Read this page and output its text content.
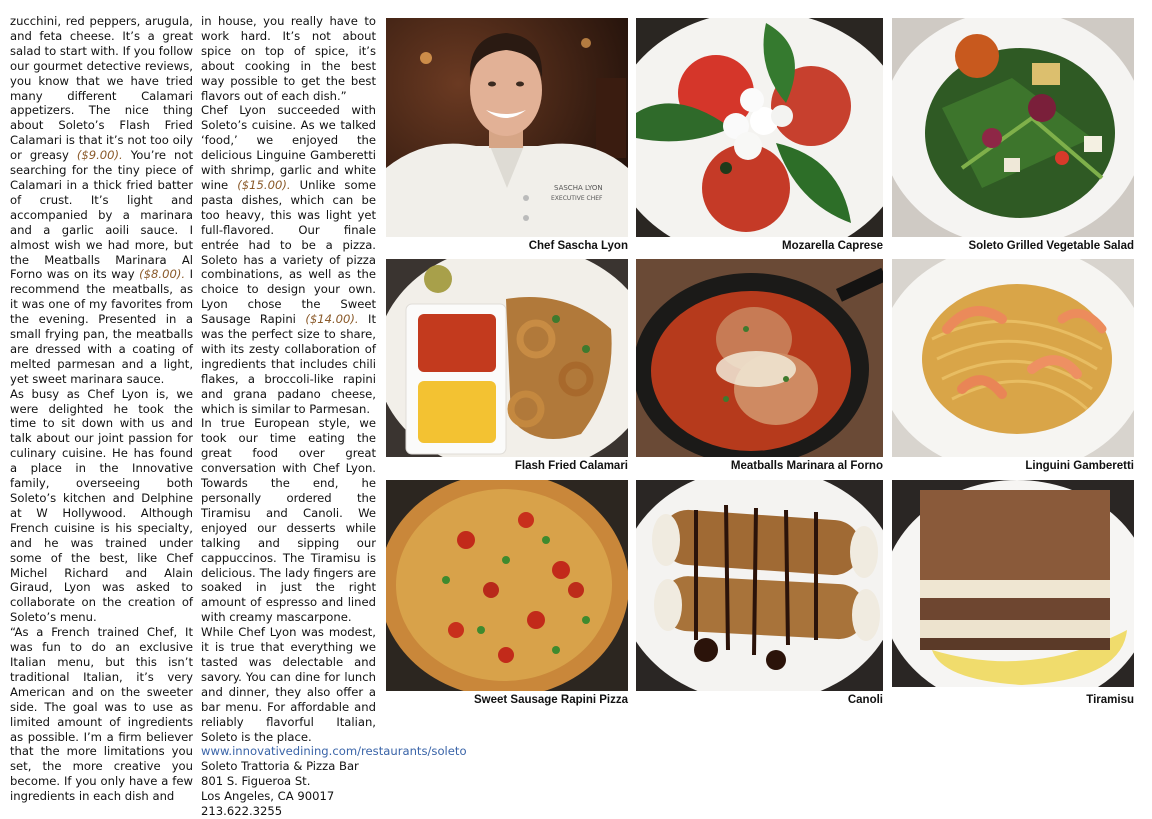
zucchini, red peppers, arugula, and feta cheese. It’s a great salad to start with. If you follow our gourmet detective reviews, you know that we have tried many different Calamari appetizers. The nice thing about Soleto’s Flash Fried Calamari is that it’s not too oily or greasy ($9.00). You’re not searching for the tiny piece of Calamari in a thick fried batter of crust. It’s light and accompanied by a marinara and a garlic aoili sauce. I almost wish we had more, but the Meatballs Marinara Al Forno was on its way ($8.00). I recommend the meatballs, as it was one of my favorites from the evening. Presented in a small frying pan, the meatballs are dressed with a coating of melted parmesan and a light, yet sweet marinara sauce.

As busy as Chef Lyon is, we were delighted he took the time to sit down with us and talk about our joint passion for culinary cuisine. He has found a place in the Innovative family, overseeing both Soleto’s kitchen and Delphine at W Hollywood. Although French cuisine is his specialty, and he was trained under some of the best, like Chef Michel Richard and Alain Giraud, Lyon was asked to collaborate on the creation of Soleto’s menu.

“As a French trained Chef, It was fun to do an exclusive Italian menu, but this isn’t traditional Italian, it’s very American and on the sweeter side. The goal was to use as limited amount of ingredients as possible. I’m a firm believer that the more limitations you set, the more creative you become. If you only have a few ingredients in each dish and

in house, you really have to work hard. It’s not about spice on top of spice, it’s about cooking in the best way possible to get the best flavors out of each dish.”

Chef Lyon succeeded with Soleto’s cuisine. As we talked ‘food,’ we enjoyed the delicious Linguine Gamberetti with shrimp, garlic and white wine ($15.00). Unlike some pasta dishes, which can be too heavy, this was light yet full-flavored. Our finale entrée had to be a pizza. Soleto has a variety of pizza combinations, as well as the choice to design your own. Lyon chose the Sweet Sausage Rapini ($14.00). It was the perfect size to share, with its zesty collaboration of ingredients that includes chili flakes, a broccoli-like rapini and grana padano cheese, which is similar to Parmesan.

In true European style, we took our time eating the great food over great conversation with Chef Lyon. Towards the end, he personally ordered the Tiramisu and Canoli. We enjoyed our desserts while talking and sipping our cappuccinos. The Tiramisu is delicious. The lady fingers are soaked in just the right amount of espresso and lined with creamy mascarpone.

While Chef Lyon was modest, it is true that everything we tasted was delectable and savory. You can dine for lunch and dinner, they also offer a bar menu. For affordable and reliably flavorful Italian, Soleto is the place.

www.innovativedining.com/restaurants/soleto

Soleto Trattoria & Pizza Bar

801 S. Figueroa St.

Los Angeles, CA 90017

213.622.3255

SASCHA LYON
EXECUTIVE CHEF
Chef Sascha Lyon	Mozarella Caprese	Soleto Grilled Vegetable Salad
Flash Fried Calamari	Meatballs Marinara al Forno	Linguini Gamberetti
Sweet Sausage Rapini Pizza	Canoli	Tiramisu
